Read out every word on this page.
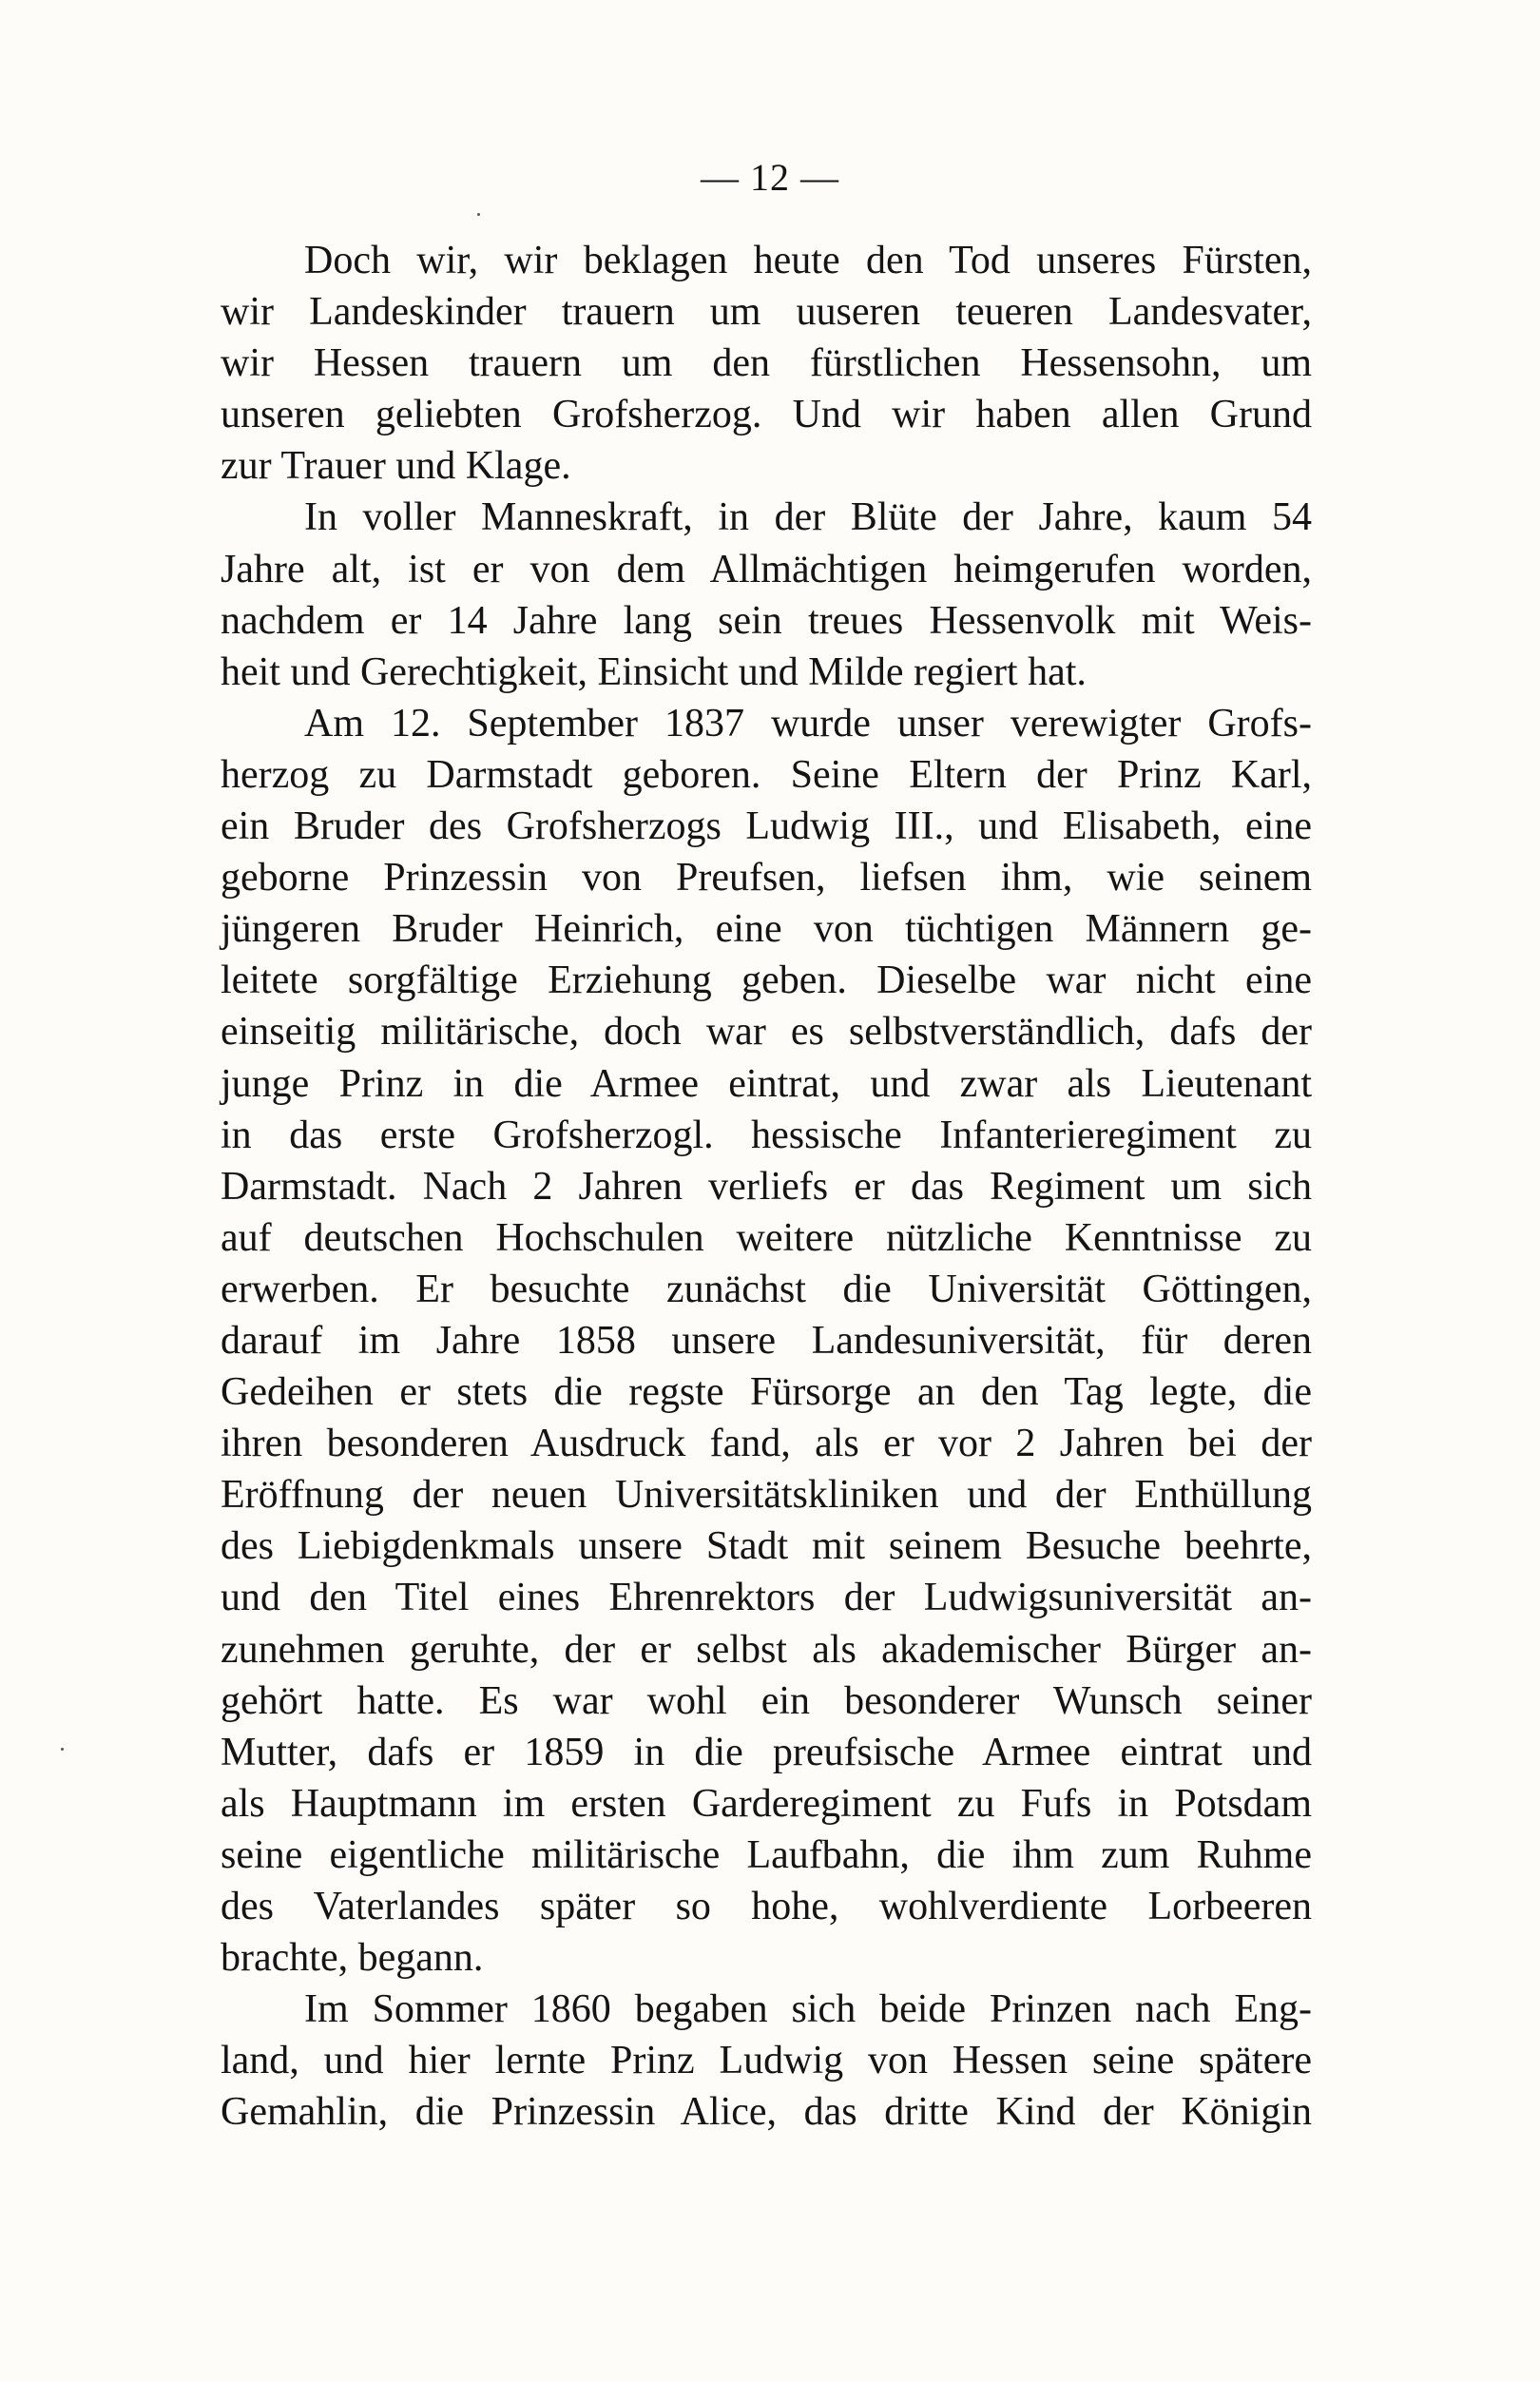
— 12 —
Doch wir, wir beklagen heute den Tod unseres Fürsten,
wir Landeskinder trauern um uuseren teueren Landesvater,
wir Hessen trauern um den fürstlichen Hessensohn, um
unseren geliebten Grofsherzog. Und wir haben allen Grund
zur Trauer und Klage.
In voller Manneskraft, in der Blüte der Jahre, kaum 54
Jahre alt, ist er von dem Allmächtigen heimgerufen worden,
nachdem er 14 Jahre lang sein treues Hessenvolk mit Weis-
heit und Gerechtigkeit, Einsicht und Milde regiert hat.
Am 12. September 1837 wurde unser verewigter Grofs-
herzog zu Darmstadt geboren. Seine Eltern der Prinz Karl,
ein Bruder des Grofsherzogs Ludwig III., und Elisabeth, eine
geborne Prinzessin von Preufsen, liefsen ihm, wie seinem
jüngeren Bruder Heinrich, eine von tüchtigen Männern ge-
leitete sorgfältige Erziehung geben. Dieselbe war nicht eine
einseitig militärische, doch war es selbstverständlich, dafs der
junge Prinz in die Armee eintrat, und zwar als Lieutenant
in das erste Grofsherzogl. hessische Infanterieregiment zu
Darmstadt. Nach 2 Jahren verliefs er das Regiment um sich
auf deutschen Hochschulen weitere nützliche Kenntnisse zu
erwerben. Er besuchte zunächst die Universität Göttingen,
darauf im Jahre 1858 unsere Landesuniversität, für deren
Gedeihen er stets die regste Fürsorge an den Tag legte, die
ihren besonderen Ausdruck fand, als er vor 2 Jahren bei der
Eröffnung der neuen Universitätskliniken und der Enthüllung
des Liebigdenkmals unsere Stadt mit seinem Besuche beehrte,
und den Titel eines Ehrenrektors der Ludwigsuniversität an-
zunehmen geruhte, der er selbst als akademischer Bürger an-
gehört hatte. Es war wohl ein besonderer Wunsch seiner
Mutter, dafs er 1859 in die preufsische Armee eintrat und
als Hauptmann im ersten Garderegiment zu Fufs in Potsdam
seine eigentliche militärische Laufbahn, die ihm zum Ruhme
des Vaterlandes später so hohe, wohlverdiente Lorbeeren
brachte, begann.
Im Sommer 1860 begaben sich beide Prinzen nach Eng-
land, und hier lernte Prinz Ludwig von Hessen seine spätere
Gemahlin, die Prinzessin Alice, das dritte Kind der Königin
